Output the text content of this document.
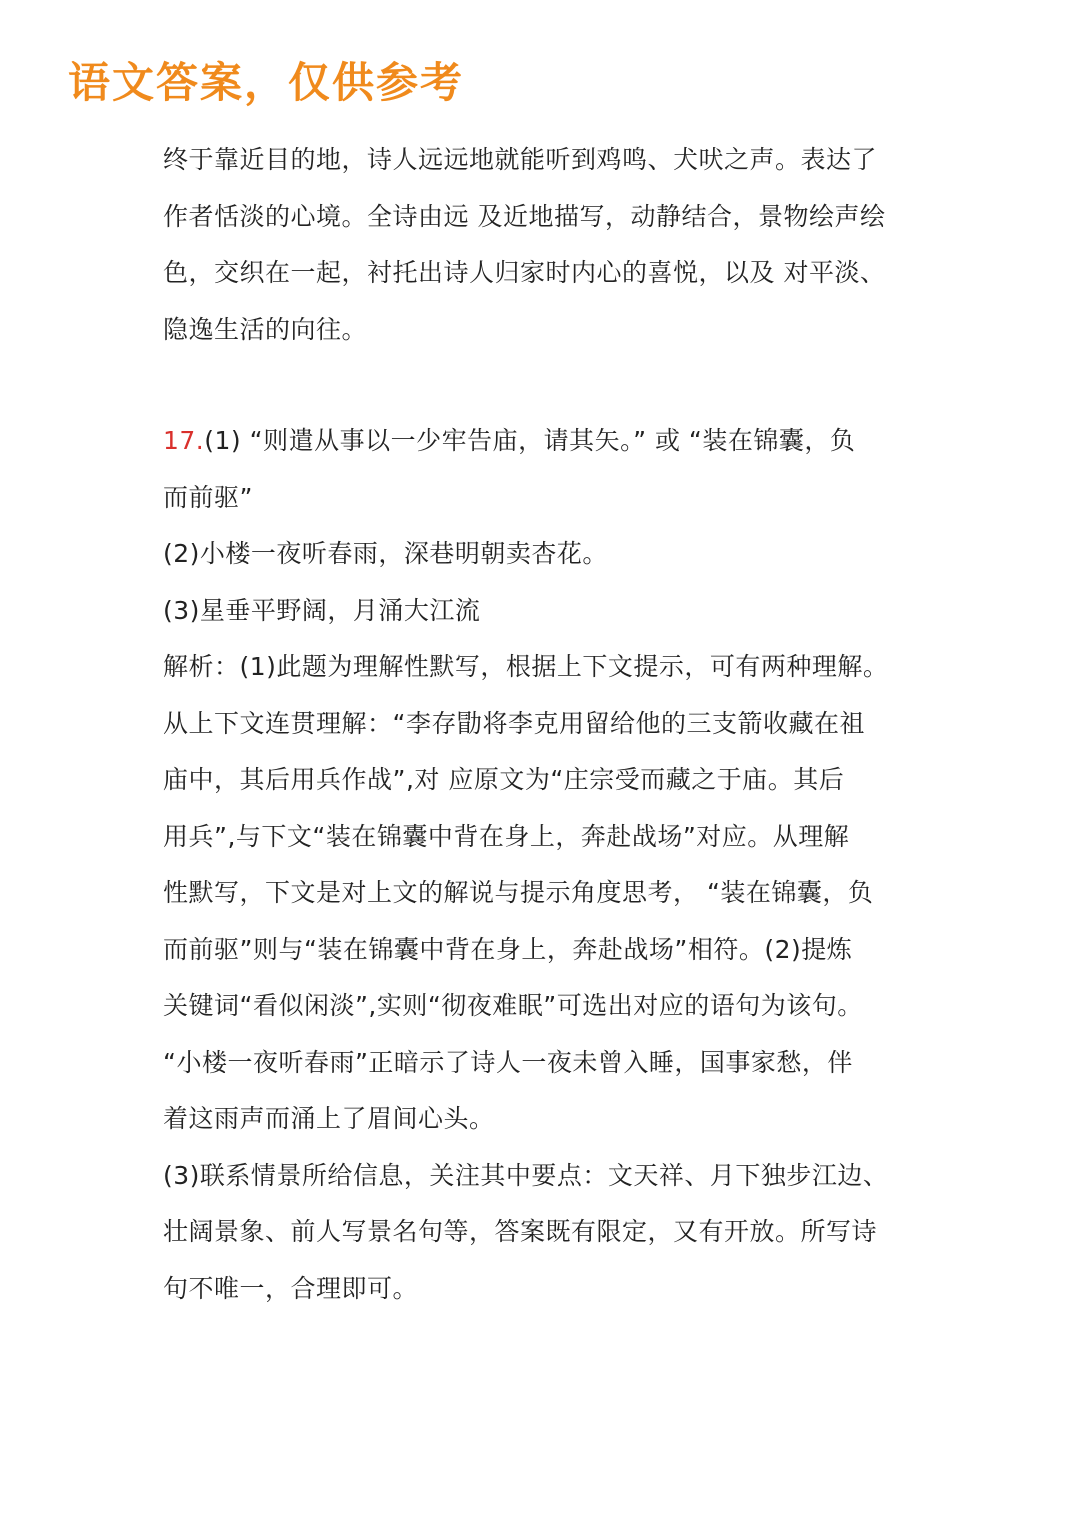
语文答案，仅供参考
终于靠近目的地，诗人远远地就能听到鸡鸣、犬吠之声。表达了
作者恬淡的心境。全诗由远 及近地描写，动静结合，景物绘声绘
色，交织在一起，衬托出诗人归家时内心的喜悦，以及 对平淡、
隐逸生活的向往。
17.(1) “则遣从事以一少牢告庙，请其矢。” 或 “装在锦囊，负
而前驱”
(2)小楼一夜听春雨，深巷明朝卖杏花。
(3)星垂平野阔，月涌大江流
解析：(1)此题为理解性默写，根据上下文提示，可有两种理解。
从上下文连贯理解：“李存勖将李克用留给他的三支箭收藏在祖
庙中，其后用兵作战”,对 应原文为“庄宗受而藏之于庙。其后
用兵”,与下文“装在锦囊中背在身上，奔赴战场”对应。从理解
性默写，下文是对上文的解说与提示角度思考， “装在锦囊，负
而前驱”则与“装在锦囊中背在身上，奔赴战场”相符。(2)提炼
关键词“看似闲淡”,实则“彻夜难眠”可选出对应的语句为该句。
“小楼一夜听春雨”正暗示了诗人一夜未曾入睡，国事家愁，伴
着这雨声而涌上了眉间心头。
(3)联系情景所给信息，关注其中要点：文天祥、月下独步江边、
壮阔景象、前人写景名句等，答案既有限定，又有开放。所写诗
句不唯一，合理即可。
